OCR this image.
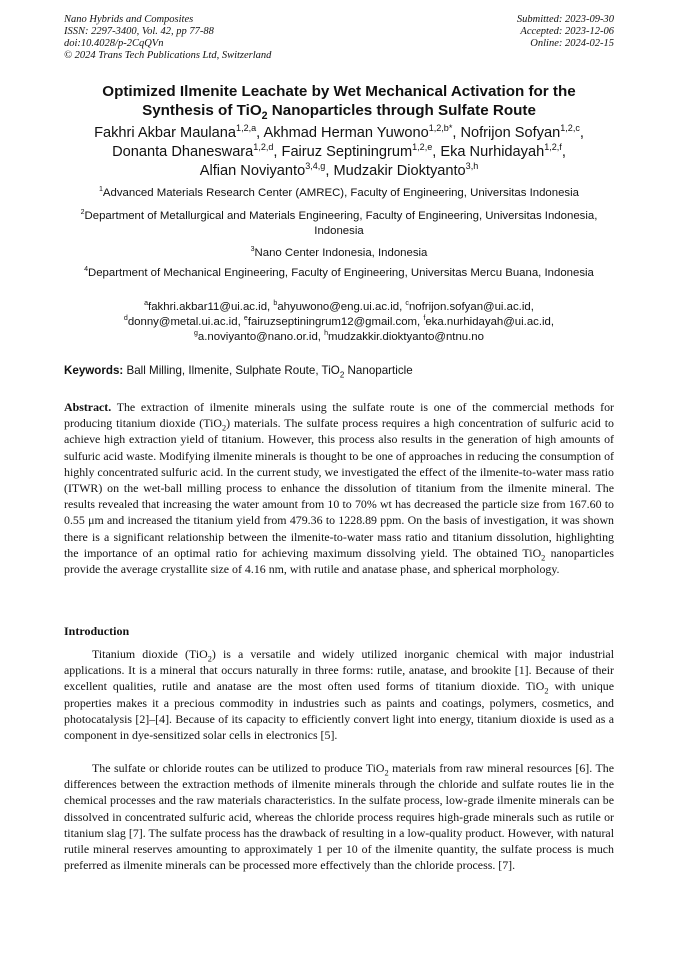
Nano Hybrids and Composites
ISSN: 2297-3400, Vol. 42, pp 77-88
doi:10.4028/p-2CqQVn
© 2024 Trans Tech Publications Ltd, Switzerland
Submitted: 2023-09-30
Accepted: 2023-12-06
Online: 2024-02-15
Optimized Ilmenite Leachate by Wet Mechanical Activation for the
Synthesis of TiO$_2$ Nanoparticles through Sulfate Route
Fakhri Akbar Maulana$^{1,2,a}$, Akhmad Herman Yuwono$^{1,2,b*}$, Nofrijon Sofyan$^{1,2,c}$,
Donanta Dhaneswara$^{1,2,d}$, Fairuz Septiningrum$^{1,2,e}$, Eka Nurhidayah$^{1,2,f}$,
Alfian Noviyanto$^{3,4,g}$, Mudzakir Dioktyanto$^{3,h}$
$^1$Advanced Materials Research Center (AMREC), Faculty of Engineering, Universitas Indonesia
$^2$Department of Metallurgical and Materials Engineering, Faculty of Engineering, Universitas Indonesia, Indonesia
$^3$Nano Center Indonesia, Indonesia
$^4$Department of Mechanical Engineering, Faculty of Engineering, Universitas Mercu Buana, Indonesia
$^a$fakhri.akbar11@ui.ac.id, $^b$ahyuwono@eng.ui.ac.id, $^c$nofrijon.sofyan@ui.ac.id,
$^d$donny@metal.ui.ac.id, $^e$fairuzseptiningrum12@gmail.com, $^f$eka.nurhidayah@ui.ac.id,
$^g$a.noviyanto@nano.or.id, $^h$mudzakkir.dioktyanto@ntnu.no
Keywords: Ball Milling, Ilmenite, Sulphate Route, TiO$_2$ Nanoparticle

Abstract. The extraction of ilmenite minerals using the sulfate route is one of the commercial methods for producing titanium dioxide (TiO$_2$) materials. The sulfate process requires a high concentration of sulfuric acid to achieve high extraction yield of titanium. However, this process also results in the generation of high amounts of sulfuric acid waste. Modifying ilmenite minerals is thought to be one of approaches in reducing the consumption of highly concentrated sulfuric acid. In the current study, we investigated the effect of the ilmenite-to-water mass ratio (ITWR) on the wet-ball milling process to enhance the dissolution of titanium from the ilmenite mineral. The results revealed that increasing the water amount from 10 to 70% wt has decreased the particle size from 167.60 to 0.55 μm and increased the titanium yield from 479.36 to 1228.89 ppm. On the basis of investigation, it was shown there is a significant relationship between the ilmenite-to-water mass ratio and titanium dissolution, highlighting the importance of an optimal ratio for achieving maximum dissolving yield. The obtained TiO$_2$ nanoparticles provide the average crystallite size of 4.16 nm, with rutile and anatase phase, and spherical morphology.

Introduction

Titanium dioxide (TiO$_2$) is a versatile and widely utilized inorganic chemical with major industrial applications. It is a mineral that occurs naturally in three forms: rutile, anatase, and brookite [1]. Because of their excellent qualities, rutile and anatase are the most often used forms of titanium dioxide. TiO$_2$ with unique properties makes it a precious commodity in industries such as paints and coatings, polymers, cosmetics, and photocatalysis [2]–[4]. Because of its capacity to efficiently convert light into energy, titanium dioxide is used as a component in dye-sensitized solar cells in electronics [5].

The sulfate or chloride routes can be utilized to produce TiO$_2$ materials from raw mineral resources [6]. The differences between the extraction methods of ilmenite minerals through the chloride and sulfate routes lie in the chemical processes and the raw materials characteristics. In the sulfate process, low-grade ilmenite minerals can be dissolved in concentrated sulfuric acid, whereas the chloride process requires high-grade minerals such as rutile or titanium slag [7]. The sulfate process has the drawback of resulting in a low-quality product. However, with natural rutile mineral reserves amounting to approximately 1 per 10 of the ilmenite quantity, the sulfate process is much preferred as ilmenite minerals can be processed more effectively than the chloride process. [7].
